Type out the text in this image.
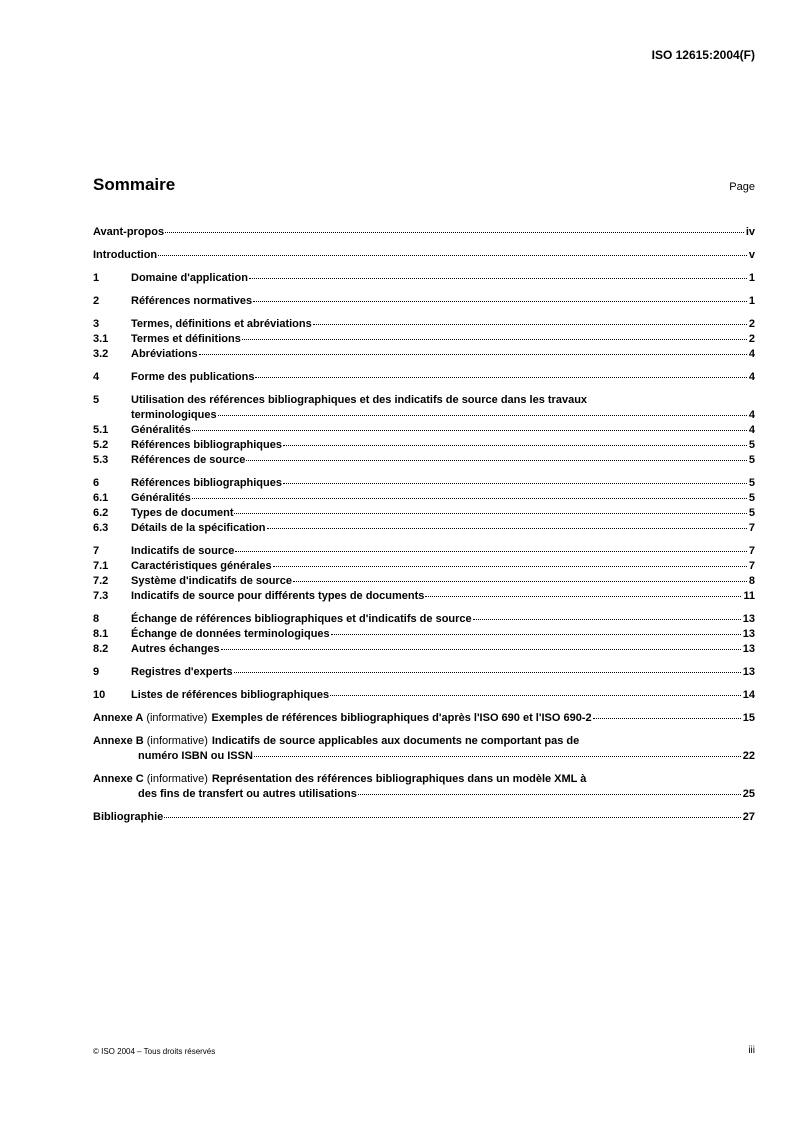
ISO 12615:2004(F)
Sommaire	Page
Avant-propos	iv
Introduction	v
1	Domaine d'application	1
2	Références normatives	1
3	Termes, définitions et abréviations	2
3.1	Termes et définitions	2
3.2	Abréviations	4
4	Forme des publications	4
5	Utilisation des références bibliographiques et des indicatifs de source dans les travaux
terminologiques	4
5.1	Généralités	4
5.2	Références bibliographiques	5
5.3	Références de source	5
6	Références bibliographiques	5
6.1	Généralités	5
6.2	Types de document	5
6.3	Détails de la spécification	7
7	Indicatifs de source	7
7.1	Caractéristiques générales	7
7.2	Système d'indicatifs de source	8
7.3	Indicatifs de source pour différents types de documents	11
8	Échange de références bibliographiques et d'indicatifs de source	13
8.1	Échange de données terminologiques	13
8.2	Autres échanges	13
9	Registres d'experts	13
10	Listes de références bibliographiques	14
Annexe A (informative) Exemples de références bibliographiques d'après l'ISO 690 et l'ISO 690-2	15
Annexe B (informative) Indicatifs de source applicables aux documents ne comportant pas de
numéro ISBN ou ISSN	22
Annexe C (informative) Représentation des références bibliographiques dans un modèle XML à
des fins de transfert ou autres utilisations	25
Bibliographie	27
© ISO 2004 – Tous droits réservés	iii
